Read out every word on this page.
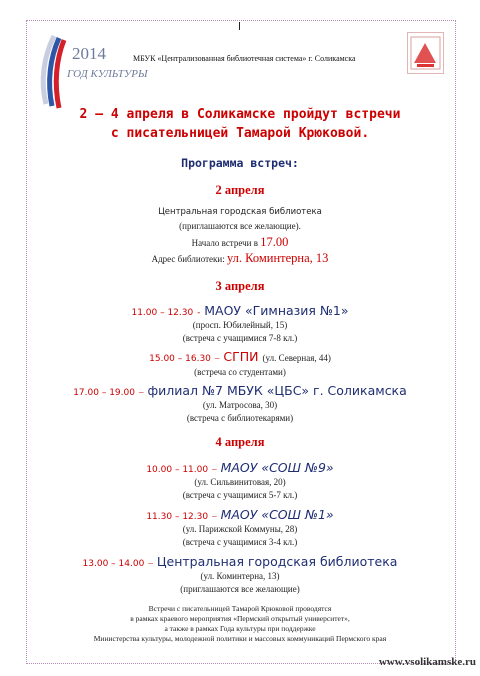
2014
ГОД КУЛЬТУРЫ
МБУК «Централизованная библиотечная система» г. Соликамска
2 – 4 апреля в Соликамске пройдут встречи
с писательницей Тамарой Крюковой.
Программа встреч:
2 апреля
Центральная городская библиотека
(приглашаются все желающие).
Начало встречи в 17.00
Адрес библиотеки: ул. Коминтерна, 13
3 апреля
11.00 – 12.30 - МАОУ «Гимназия №1»
(просп. Юбилейный, 15)
(встреча с учащимися 7-8 кл.)
15.00 – 16.30 – СГПИ (ул. Северная, 44)
(встреча со студентами)
17.00 – 19.00 – филиал №7 МБУК «ЦБС» г. Соликамска
(ул. Матросова, 30)
(встреча с библиотекарями)
4 апреля
10.00 – 11.00 – МАОУ «СОШ №9»
(ул. Сильвинитовая, 20)
(встреча с учащимися 5-7 кл.)
11.30 – 12.30 – МАОУ «СОШ №1»
(ул. Парижской Коммуны, 28)
(встреча с учащимися 3-4 кл.)
13.00 – 14.00 – Центральная городская библиотека
(ул. Коминтерна, 13)
(приглашаются все желающие)
Встречи с писательницей Тамарой Крюковой проводятся
в рамках краевого мероприятия «Пермский открытый университет»,
а также в рамках Года культуры при поддержке
Министерства культуры, молодежной политики и массовых коммуникаций Пермского края
www.vsolikamske.ru
